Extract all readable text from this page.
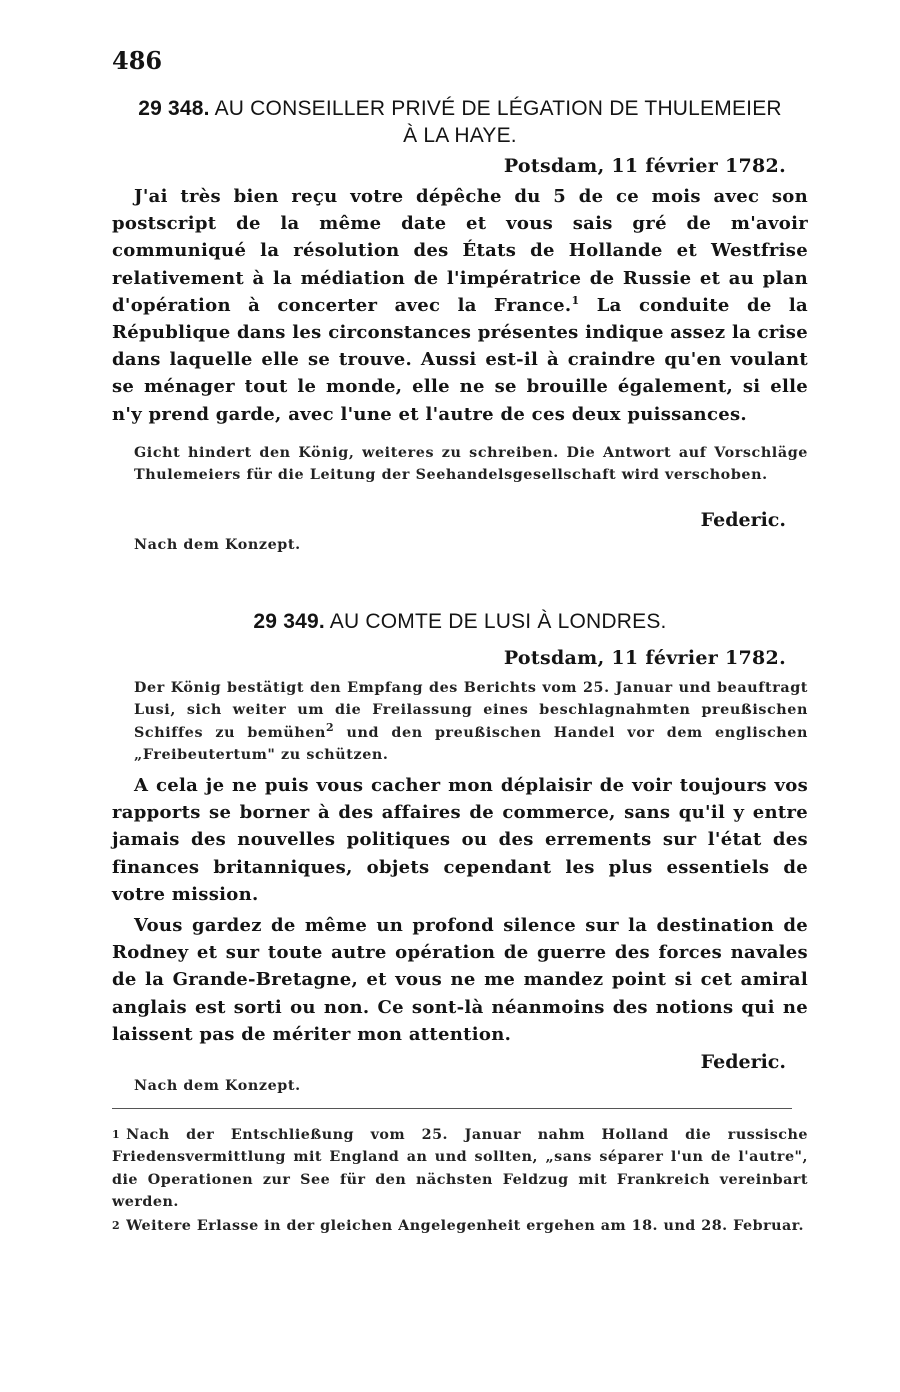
486
29 348. AU CONSEILLER PRIVÉ DE LÉGATION DE THULEMEIER
À LA HAYE.
Potsdam, 11 février 1782.
J'ai très bien reçu votre dépêche du 5 de ce mois avec son postscript de la même date et vous sais gré de m'avoir communiqué la résolution des États de Hollande et Westfrise relativement à la médiation de l'impératrice de Russie et au plan d'opération à concerter avec la France.$^1$ La conduite de la République dans les circonstances présentes indique assez la crise dans laquelle elle se trouve. Aussi est-il à craindre qu'en voulant se ménager tout le monde, elle ne se brouille également, si elle n'y prend garde, avec l'une et l'autre de ces deux puissances.
Gicht hindert den König, weiteres zu schreiben. Die Antwort auf Vorschläge Thulemeiers für die Leitung der Seehandelsgesellschaft wird verschoben.
Federic.
Nach dem Konzept.
29 349. AU COMTE DE LUSI À LONDRES.
Potsdam, 11 février 1782.
Der König bestätigt den Empfang des Berichts vom 25. Januar und beauftragt Lusi, sich weiter um die Freilassung eines beschlagnahmten preußischen Schiffes zu bemühen$^2$ und den preußischen Handel vor dem englischen „Freibeutertum" zu schützen.
A cela je ne puis vous cacher mon déplaisir de voir toujours vos rapports se borner à des affaires de commerce, sans qu'il y entre jamais des nouvelles politiques ou des errements sur l'état des finances britanniques, objets cependant les plus essentiels de votre mission.
Vous gardez de même un profond silence sur la destination de Rodney et sur toute autre opération de guerre des forces navales de la Grande-Bretagne, et vous ne me mandez point si cet amiral anglais est sorti ou non. Ce sont-là néanmoins des notions qui ne laissent pas de mériter mon attention.
Federic.
Nach dem Konzept.
$^1$ Nach der Entschließung vom 25. Januar nahm Holland die russische Friedensvermittlung mit England an und sollten, „sans séparer l'un de l'autre", die Operationen zur See für den nächsten Feldzug mit Frankreich vereinbart werden.
$^2$ Weitere Erlasse in der gleichen Angelegenheit ergehen am 18. und 28. Februar.
